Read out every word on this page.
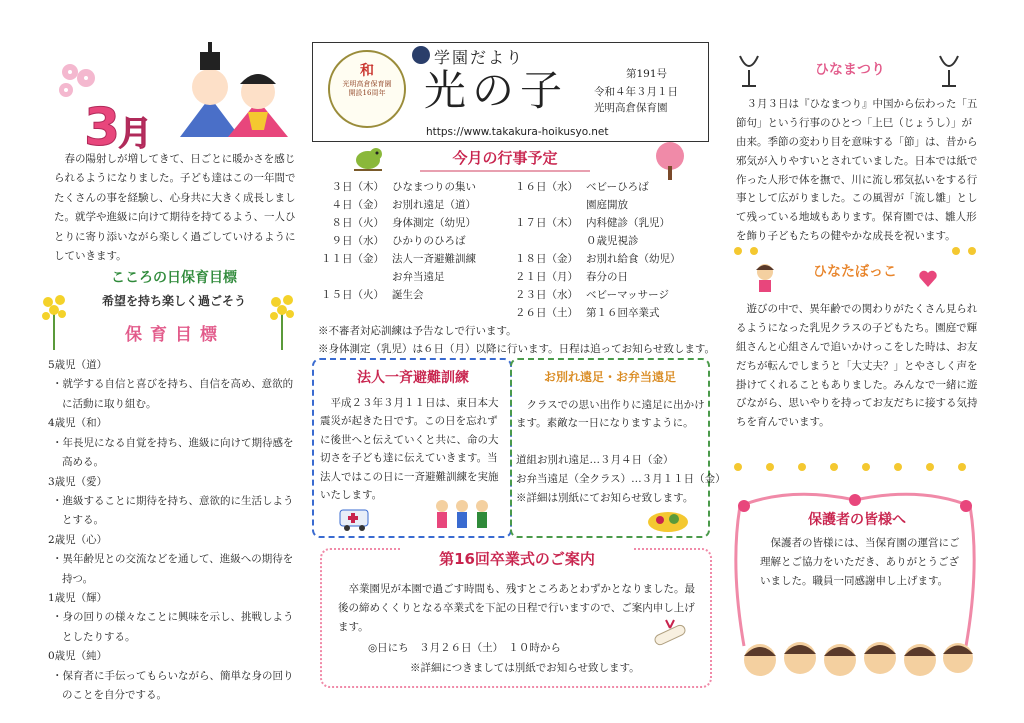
3月
春の陽射しが増してきて、日ごとに暖かさを感じられるようになりました。子ども達はこの一年間でたくさんの事を経験し、心身共に大きく成長しました。就学や進級に向けて期待を持てるよう、一人ひとりに寄り添いながら楽しく過ごしていけるようにしていきます。
こころの日保育目標
希望を持ち楽しく過ごそう
保育目標
5歳児（道）
・就学する自信と喜びを持ち、自信を高め、意欲的に活動に取り組む。
4歳児（和）
・年長児になる自覚を持ち、進級に向けて期待感を高める。
3歳児（愛）
・進級することに期待を持ち、意欲的に生活しようとする。
2歳児（心）
・異年齢児との交流などを通して、進級への期待を持つ。
1歳児（輝）
・身の回りの様々なことに興味を示し、挑戦しようとしたりする。
0歳児（純）
・保育者に手伝ってもらいながら、簡単な身の回りのことを自分でする。
和
光明高倉保育園
開設16周年
学園だより
光の子	第191号
令和４年３月１日
光明高倉保育園
https://www.takakura-hoikusyo.net
今月の行事予定
３日（木） ひなまつりの集い
４日（金） お別れ遠足（道）
８日（火） 身体測定（幼児）
９日（水） ひかりのひろば
１１日（金） 法人一斉避難訓練
お弁当遠足
１５日（火） 誕生会
１６日（水） ベビーひろば
園庭開放
１７日（木） 内科健診（乳児）
０歳児視診
１８日（金） お別れ給食（幼児）
２１日（月） 春分の日
２３日（水） ベビーマッサージ
２６日（土） 第１６回卒業式
※不審者対応訓練は予告なしで行います。
※身体測定（乳児）は６日（月）以降に行います。日程は追ってお知らせ致します。
法人一斉避難訓練
平成２３年３月１１日は、東日本大震災が起きた日です。この日を忘れずに後世へと伝えていくと共に、命の大切さを子ども達に伝えていきます。当法人ではこの日に一斉避難訓練を実施いたします。
お別れ遠足・お弁当遠足
クラスでの思い出作りに遠足に出かけます。素敵な一日になりますように。
道組お別れ遠足…３月４日（金）
お弁当遠足（全クラス）…３月１１日（金）
※詳細は別紙にてお知らせ致します。
第16回卒業式のご案内
卒業園児が本園で過ごす時間も、残すところあとわずかとなりました。最後の締めくくりとなる卒業式を下記の日程で行いますので、ご案内申し上げます。
◎日にち　３月２６日（土）　１０時から
※詳細につきましては別紙でお知らせ致します。
ひなまつり
３月３日は『ひなまつり』中国から伝わった「五節句」という行事のひとつ「上巳（じょうし）」が由来。季節の変わり目を意味する「節」は、昔から邪気が入りやすいとされていました。日本では紙で作った人形で体を撫で、川に流し邪気払いをする行事として広がりました。この風習が「流し雛」として残っている地域もあります。保育園では、雛人形を飾り子どもたちの健やかな成長を祝います。
ひなたぼっこ
遊びの中で、異年齢での関わりがたくさん見られるようになった乳児クラスの子どもたち。園庭で輝組さんと心組さんで追いかけっこをした時は、お友だちが転んでしまうと「大丈夫？」とやさしく声を掛けてくれることもありました。みんなで一緒に遊びながら、思いやりを持ってお友だちに接する気持ちを育んでいます。
保護者の皆様へ
保護者の皆様には、当保育園の運営にご理解とご協力をいただき、ありがとうございました。職員一同感謝申し上げます。
